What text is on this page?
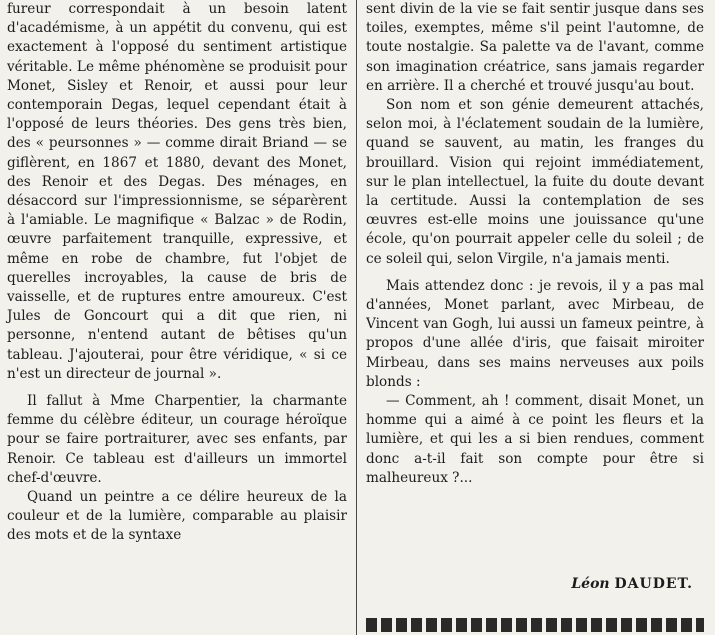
fureur correspondait à un besoin latent d'académisme, à un appétit du convenu, qui est exactement à l'opposé du sentiment artistique véritable. Le même phénomène se produisit pour Monet, Sisley et Renoir, et aussi pour leur contemporain Degas, lequel cependant était à l'opposé de leurs théories. Des gens très bien, des « peursonnes » — comme dirait Briand — se giflèrent, en 1867 et 1880, devant des Monet, des Renoir et des Degas. Des ménages, en désaccord sur l'impressionnisme, se séparèrent à l'amiable. Le magnifique « Balzac » de Rodin, œuvre parfaitement tranquille, expressive, et même en robe de chambre, fut l'objet de querelles incroyables, la cause de bris de vaisselle, et de ruptures entre amoureux. C'est Jules de Goncourt qui a dit que rien, ni personne, n'entend autant de bêtises qu'un tableau. J'ajouterai, pour être véridique, « si ce n'est un directeur de journal ».

Il fallut à Mme Charpentier, la charmante femme du célèbre éditeur, un courage héroïque pour se faire portraiturer, avec ses enfants, par Renoir. Ce tableau est d'ailleurs un immortel chef-d'œuvre.

Quand un peintre a ce délire heureux de la couleur et de la lumière, comparable au plaisir des mots et de la syntaxe

sent divin de la vie se fait sentir jusque dans ses toiles, exemptes, même s'il peint l'automne, de toute nostalgie. Sa palette va de l'avant, comme son imagination créatrice, sans jamais regarder en arrière. Il a cherché et trouvé jusqu'au bout.

Son nom et son génie demeurent attachés, selon moi, à l'éclatement soudain de la lumière, quand se sauvent, au matin, les franges du brouillard. Vision qui rejoint immédiatement, sur le plan intellectuel, la fuite du doute devant la certitude. Aussi la contemplation de ses œuvres est-elle moins une jouissance qu'une école, qu'on pourrait appeler celle du soleil ; de ce soleil qui, selon Virgile, n'a jamais menti.

Mais attendez donc : je revois, il y a pas mal d'années, Monet parlant, avec Mirbeau, de Vincent van Gogh, lui aussi un fameux peintre, à propos d'une allée d'iris, que faisait miroiter Mirbeau, dans ses mains nerveuses aux poils blonds :

— Comment, ah ! comment, disait Monet, un homme qui a aimé à ce point les fleurs et la lumière, et qui les a si bien rendues, comment donc a-t-il fait son compte pour être si malheureux ?...

Léon DAUDET.
